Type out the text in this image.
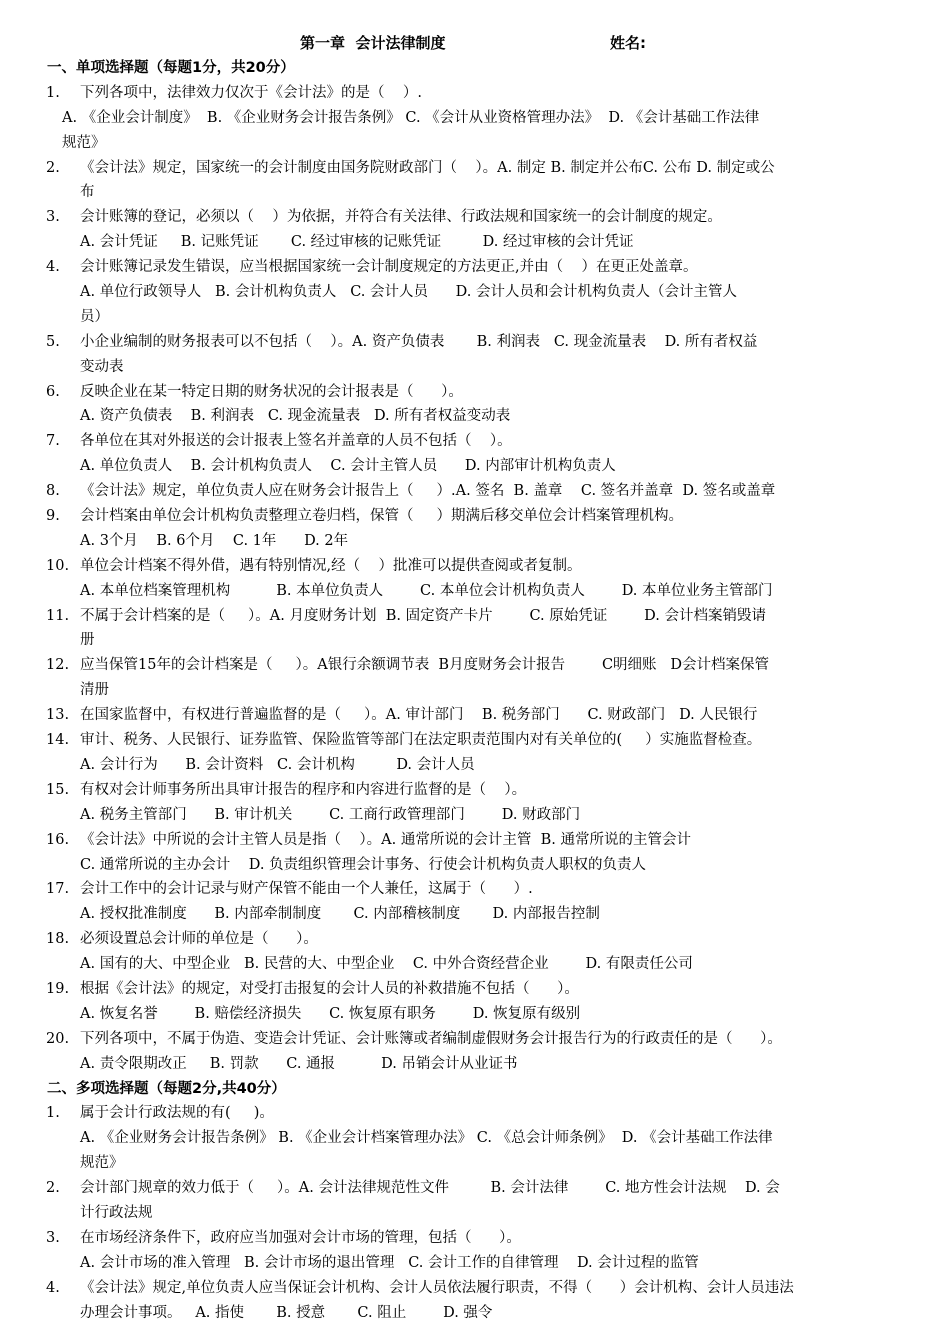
第一章  会计法律制度	姓名:
一、单项选择题（每题1分，共20分）
1. 下列各项中，法律效力仅次于《会计法》的是（    ）.
A. 《企业会计制度》  B. 《企业财务会计报告条例》 C. 《会计从业资格管理办法》  D. 《会计基础工作法律
规范》
2. 《会计法》规定，国家统一的会计制度由国务院财政部门（    ）。A. 制定 B. 制定并公布C. 公布 D. 制定或公
布
3. 会计账簿的登记，必须以（    ）为依据，并符合有关法律、行政法规和国家统一的会计制度的规定。
A. 会计凭证     B. 记账凭证       C. 经过审核的记账凭证         D. 经过审核的会计凭证
4. 会计账簿记录发生错误，应当根据国家统一会计制度规定的方法更正,并由（    ）在更正处盖章。
A. 单位行政领导人   B. 会计机构负责人   C. 会计人员      D. 会计人员和会计机构负责人（会计主管人
员）
5. 小企业编制的财务报表可以不包括（    ）。A. 资产负债表       B. 利润表   C. 现金流量表    D. 所有者权益
变动表
6. 反映企业在某一特定日期的财务状况的会计报表是（      ）。
A. 资产负债表    B. 利润表   C. 现金流量表   D. 所有者权益变动表
7. 各单位在其对外报送的会计报表上签名并盖章的人员不包括（    ）。
A. 单位负责人    B. 会计机构负责人    C. 会计主管人员      D. 内部审计机构负责人
8. 《会计法》规定，单位负责人应在财务会计报告上（     ）.A. 签名  B. 盖章    C. 签名并盖章  D. 签名或盖章
9. 会计档案由单位会计机构负责整理立卷归档，保管（     ）期满后移交单位会计档案管理机构。
A. 3个月    B. 6个月    C. 1年      D. 2年
10. 单位会计档案不得外借，遇有特别情况,经（    ）批准可以提供查阅或者复制。
A. 本单位档案管理机构          B. 本单位负责人        C. 本单位会计机构负责人        D. 本单位业务主管部门
11. 不属于会计档案的是（     ）。A. 月度财务计划  B. 固定资产卡片        C. 原始凭证        D. 会计档案销毁请
册
12. 应当保管15年的会计档案是（     ）。A银行余额调节表  B月度财务会计报告        C明细账   D会计档案保管
清册
13. 在国家监督中，有权进行普遍监督的是（     ）。A. 审计部门    B. 税务部门      C. 财政部门   D. 人民银行
14. 审计、税务、人民银行、证券监管、保险监管等部门在法定职责范围内对有关单位的(     ）实施监督检查。
A. 会计行为      B. 会计资料   C. 会计机构         D. 会计人员
15. 有权对会计师事务所出具审计报告的程序和内容进行监督的是（    ）。
A. 税务主管部门      B. 审计机关        C. 工商行政管理部门        D. 财政部门
16. 《会计法》中所说的会计主管人员是指（    ）。A. 通常所说的会计主管  B. 通常所说的主管会计
C. 通常所说的主办会计    D. 负责组织管理会计事务、行使会计机构负责人职权的负责人
17. 会计工作中的会计记录与财产保管不能由一个人兼任，这属于（      ）.
A. 授权批准制度      B. 内部牵制制度       C. 内部稽核制度       D. 内部报告控制
18. 必须设置总会计师的单位是（      ）。
A. 国有的大、中型企业   B. 民营的大、中型企业    C. 中外合资经营企业        D. 有限责任公司
19. 根据《会计法》的规定，对受打击报复的会计人员的补救措施不包括（      ）。
A. 恢复名誉        B. 赔偿经济损失      C. 恢复原有职务        D. 恢复原有级别
20. 下列各项中，不属于伪造、变造会计凭证、会计账簿或者编制虚假财务会计报告行为的行政责任的是（      ）。
A. 责令限期改正     B. 罚款      C. 通报          D. 吊销会计从业证书
二、多项选择题（每题2分,共40分）
1. 属于会计行政法规的有(     )。
A. 《企业财务会计报告条例》 B. 《企业会计档案管理办法》 C. 《总会计师条例》  D. 《会计基础工作法律
规范》
2. 会计部门规章的效力低于（     ）。A. 会计法律规范性文件         B. 会计法律        C. 地方性会计法规    D. 会
计行政法规
3. 在市场经济条件下，政府应当加强对会计市场的管理，包括（      ）。
A. 会计市场的准入管理   B. 会计市场的退出管理   C. 会计工作的自律管理    D. 会计过程的监管
4. 《会计法》规定,单位负责人应当保证会计机构、会计人员依法履行职责，不得（      ）会计机构、会计人员违法
办理会计事项。   A. 指使       B. 授意       C. 阻止        D. 强令
